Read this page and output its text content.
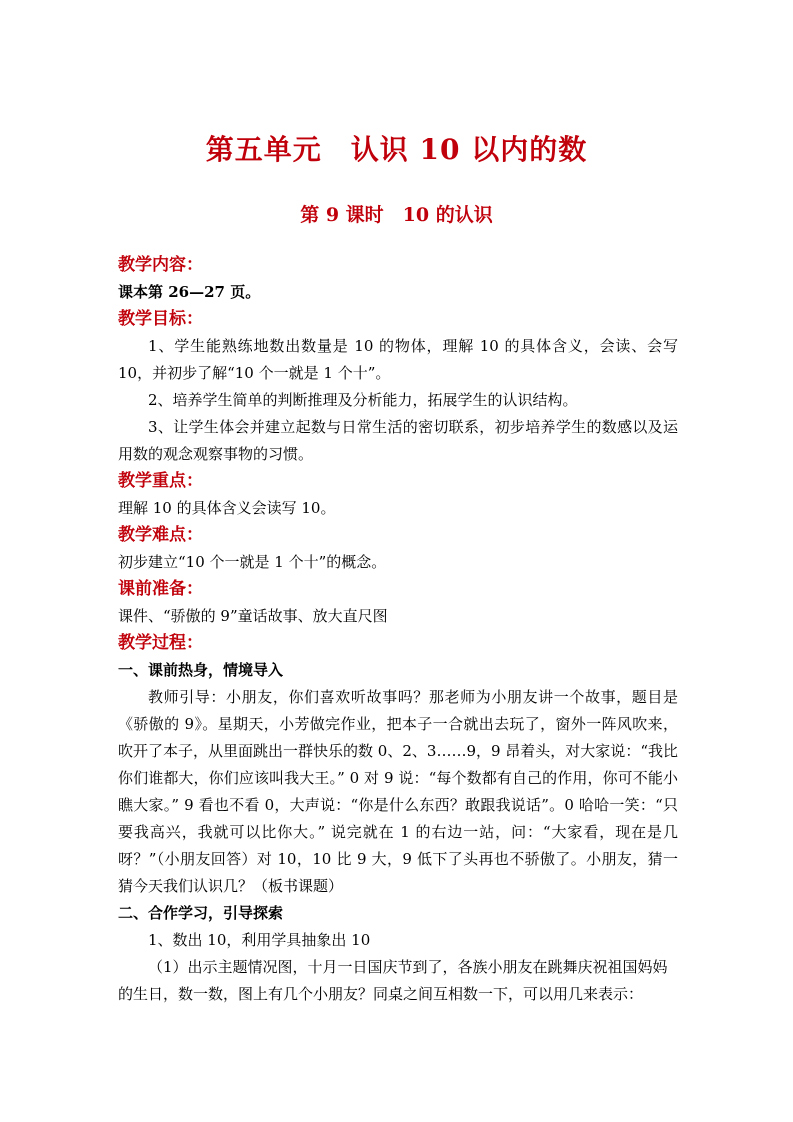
第五单元　认识 10 以内的数
第 9 课时　10 的认识

教学内容：

课本第 26—27 页。

教学目标：

1、学生能熟练地数出数量是 10 的物体，理解 10 的具体含义，会读、会写 10，并初步了解“10 个一就是 1 个十”。

2、培养学生简单的判断推理及分析能力，拓展学生的认识结构。

3、让学生体会并建立起数与日常生活的密切联系，初步培养学生的数感以及运用数的观念观察事物的习惯。

教学重点：

理解 10 的具体含义会读写 10。

教学难点：

初步建立“10 个一就是 1 个十”的概念。

课前准备：

课件、“骄傲的 9”童话故事、放大直尺图

教学过程：

一、课前热身，情境导入

教师引导：小朋友，你们喜欢听故事吗？那老师为小朋友讲一个故事，题目是《骄傲的 9》。星期天，小芳做完作业，把本子一合就出去玩了，窗外一阵风吹来，吹开了本子，从里面跳出一群快乐的数 0、2、3……9，9 昂着头，对大家说：“我比你们谁都大，你们应该叫我大王。” 0 对 9 说：“每个数都有自己的作用，你可不能小瞧大家。” 9 看也不看 0，大声说：“你是什么东西？敢跟我说话”。0 哈哈一笑：“只要我高兴，我就可以比你大。” 说完就在 1 的右边一站，问：“大家看，现在是几呀？”（小朋友回答）对 10，10 比 9 大，9 低下了头再也不骄傲了。小朋友，猜一猜今天我们认识几？（板书课题）

二、合作学习，引导探索

1、数出 10，利用学具抽象出 10

（1）出示主题情况图，十月一日国庆节到了，各族小朋友在跳舞庆祝祖国妈妈的生日，数一数，图上有几个小朋友？同桌之间互相数一下，可以用几来表示：
